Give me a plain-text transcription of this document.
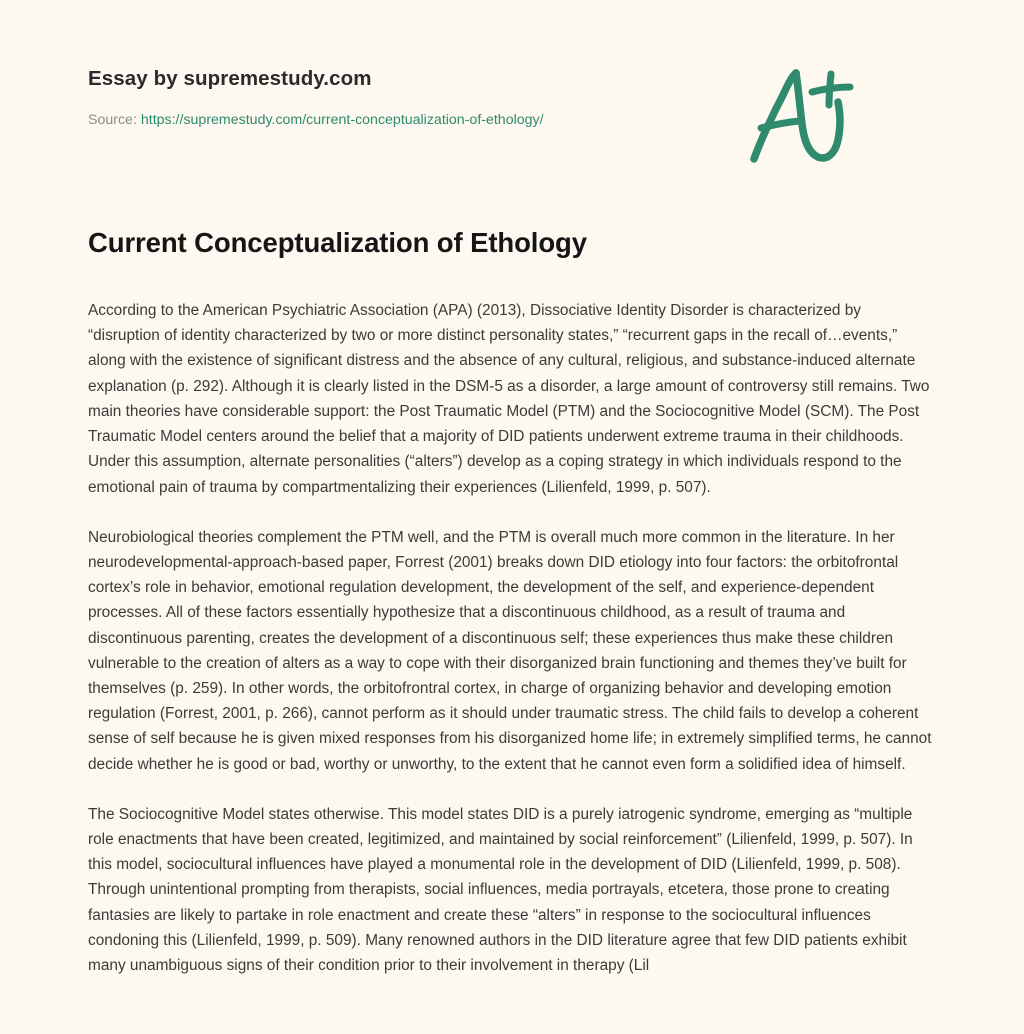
Essay by supremestudy.com
Source: https://supremestudy.com/current-conceptualization-of-ethology/
Current Conceptualization of Ethology

According to the American Psychiatric Association (APA) (2013), Dissociative Identity Disorder is characterized by “disruption of identity characterized by two or more distinct personality states,” “recurrent gaps in the recall of…events,” along with the existence of significant distress and the absence of any cultural, religious, and substance-induced alternate explanation (p. 292). Although it is clearly listed in the DSM-5 as a disorder, a large amount of controversy still remains. Two main theories have considerable support: the Post Traumatic Model (PTM) and the Sociocognitive Model (SCM). The Post Traumatic Model centers around the belief that a majority of DID patients underwent extreme trauma in their childhoods. Under this assumption, alternate personalities (“alters”) develop as a coping strategy in which individuals respond to the emotional pain of trauma by compartmentalizing their experiences (Lilienfeld, 1999, p. 507).

Neurobiological theories complement the PTM well, and the PTM is overall much more common in the literature. In her neurodevelopmental-approach-based paper, Forrest (2001) breaks down DID etiology into four factors: the orbitofrontal cortex’s role in behavior, emotional regulation development, the development of the self, and experience-dependent processes. All of these factors essentially hypothesize that a discontinuous childhood, as a result of trauma and discontinuous parenting, creates the development of a discontinuous self; these experiences thus make these children vulnerable to the creation of alters as a way to cope with their disorganized brain functioning and themes they’ve built for themselves (p. 259). In other words, the orbitofrontral cortex, in charge of organizing behavior and developing emotion regulation (Forrest, 2001, p. 266), cannot perform as it should under traumatic stress. The child fails to develop a coherent sense of self because he is given mixed responses from his disorganized home life; in extremely simplified terms, he cannot decide whether he is good or bad, worthy or unworthy, to the extent that he cannot even form a solidified idea of himself.

The Sociocognitive Model states otherwise. This model states DID is a purely iatrogenic syndrome, emerging as “multiple role enactments that have been created, legitimized, and maintained by social reinforcement” (Lilienfeld, 1999, p. 507). In this model, sociocultural influences have played a monumental role in the development of DID (Lilienfeld, 1999, p. 508). Through unintentional prompting from therapists, social influences, media portrayals, etcetera, those prone to creating fantasies are likely to partake in role enactment and create these “alters” in response to the sociocultural influences condoning this (Lilienfeld, 1999, p. 509). Many renowned authors in the DID literature agree that few DID patients exhibit many unambiguous signs of their condition prior to their involvement in therapy (Lil
